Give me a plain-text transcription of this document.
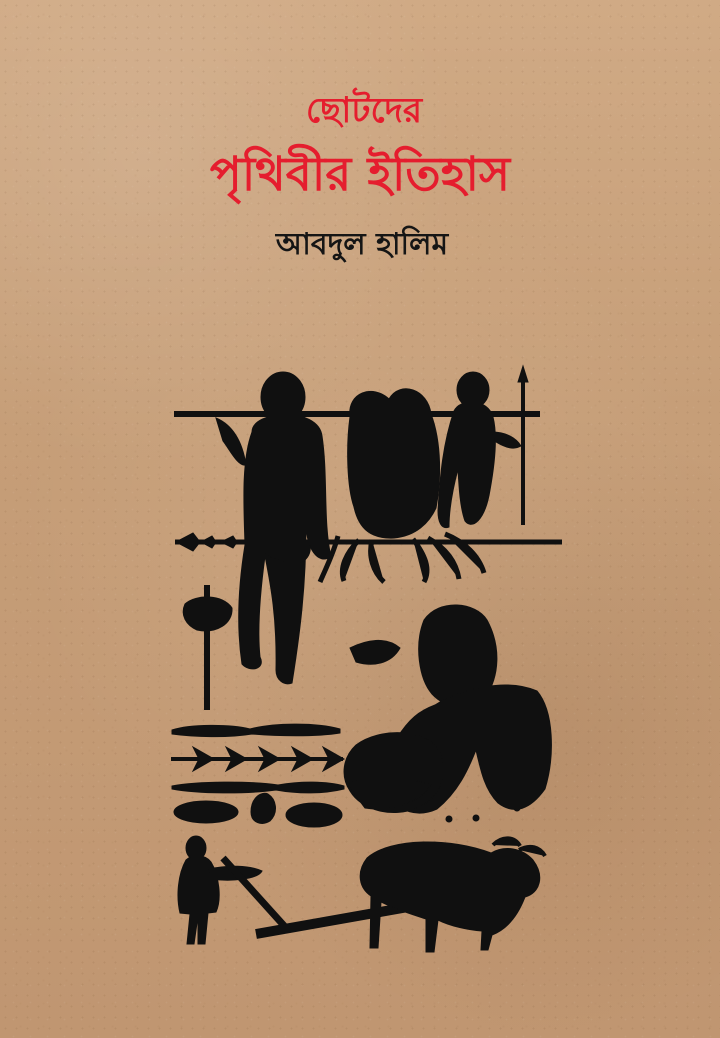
ছোটদের
পৃথিবীর ইতিহাস
আবদুল হালিম
